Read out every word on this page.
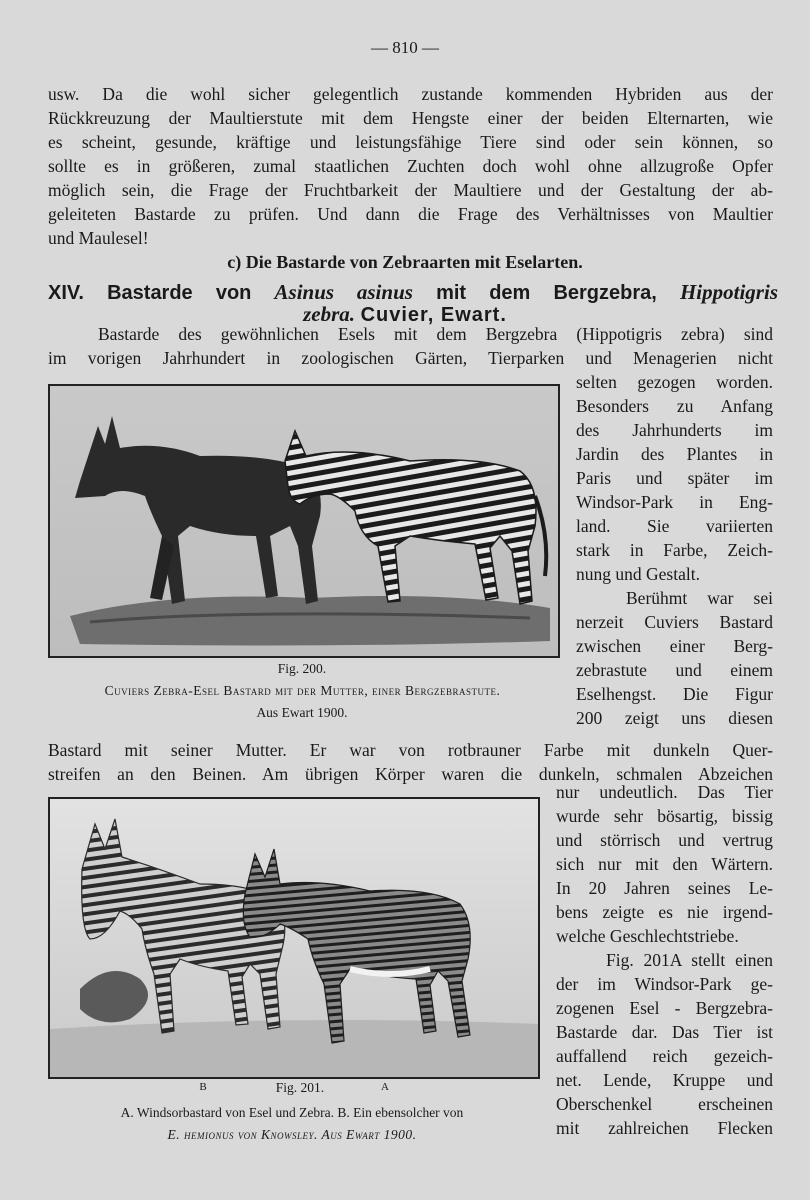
— 810 —
usw. Da die wohl sicher gelegentlich zustande kommenden Hybriden aus der
Rückkreuzung der Maultierstute mit dem Hengste einer der beiden Elternarten, wie
es scheint, gesunde, kräftige und leistungsfähige Tiere sind oder sein können, so
sollte es in größeren, zumal staatlichen Zuchten doch wohl ohne allzugroße Opfer
möglich sein, die Frage der Fruchtbarkeit der Maultiere und der Gestaltung der ab-
geleiteten Bastarde zu prüfen. Und dann die Frage des Verhältnisses von Maultier
und Maulesel!
c) Die Bastarde von Zebraarten mit Eselarten.
XIV. Bastarde von Asinus asinus mit dem Bergzebra, Hippotigris
zebra. Cuvier, Ewart.
Bastarde des gewöhnlichen Esels mit dem Bergzebra (Hippotigris zebra) sind
im vorigen Jahrhundert in zoologischen Gärten, Tierparken und Menagerien nicht
Fig. 200.
Cuviers Zebra-Esel Bastard mit der Mutter, einer Bergzebrastute.
Aus Ewart 1900.
selten gezogen worden.
Besonders zu Anfang
des Jahrhunderts im
Jardin des Plantes in
Paris und später im
Windsor-Park in Eng-
land. Sie variierten
stark in Farbe, Zeich-
nung und Gestalt.
Berühmt war sei
nerzeit Cuviers Bastard
zwischen einer Berg-
zebrastute und einem
Eselhengst. Die Figur
200 zeigt uns diesen
Bastard mit seiner Mutter. Er war von rotbrauner Farbe mit dunkeln Quer-
streifen an den Beinen. Am übrigen Körper waren die dunkeln, schmalen Abzeichen
B	Fig. 201.	A
A. Windsorbastard von Esel und Zebra. B. Ein ebensolcher von
E. hemionus von Knowsley. Aus Ewart 1900.
nur undeutlich. Das Tier
wurde sehr bösartig, bissig
und störrisch und vertrug
sich nur mit den Wärtern.
In 20 Jahren seines Le-
bens zeigte es nie irgend-
welche Geschlechtstriebe.
Fig. 201A stellt einen
der im Windsor-Park ge-
zogenen Esel - Bergzebra-
Bastarde dar. Das Tier ist
auffallend reich gezeich-
net. Lende, Kruppe und
Oberschenkel erscheinen
mit zahlreichen Flecken
